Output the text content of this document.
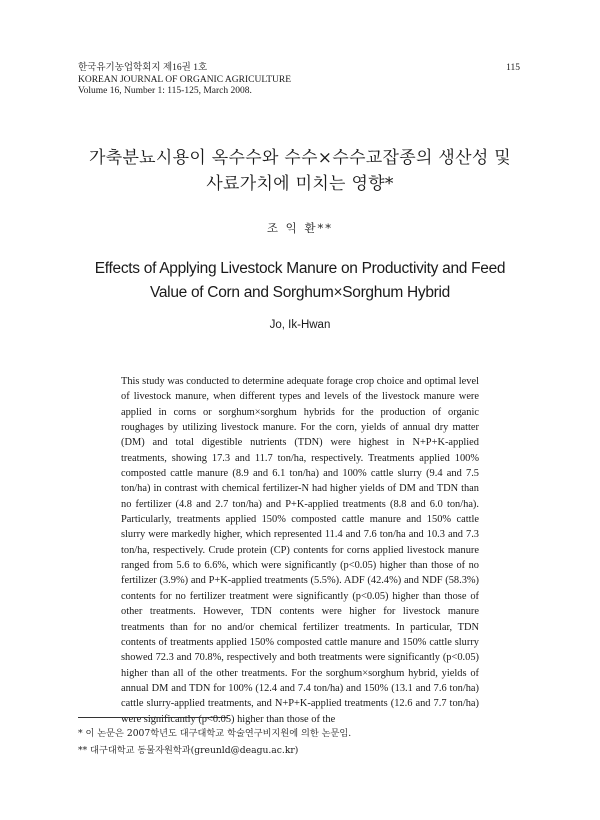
한국유기농업학회지 제16권 1호
KOREAN JOURNAL OF ORGANIC AGRICULTURE
Volume 16, Number 1: 115-125, March 2008.
115
가축분뇨시용이 옥수수와 수수×수수교잡종의 생산성 및
사료가치에 미치는 영향*
조 익 환**
Effects of Applying Livestock Manure on Productivity and Feed
Value of Corn and Sorghum×Sorghum Hybrid
Jo, Ik-Hwan
This study was conducted to determine adequate forage crop choice and optimal level of livestock manure, when different types and levels of the livestock manure were applied in corns or sorghum×sorghum hybrids for the production of organic roughages by utilizing livestock manure. For the corn, yields of annual dry matter (DM) and total digestible nutrients (TDN) were highest in N+P+K-applied treatments, showing 17.3 and 11.7 ton/ha, respectively. Treatments applied 100% composted cattle manure (8.9 and 6.1 ton/ha) and 100% cattle slurry (9.4 and 7.5 ton/ha) in contrast with chemical fertilizer-N had higher yields of DM and TDN than no fertilizer (4.8 and 2.7 ton/ha) and P+K-applied treatments (8.8 and 6.0 ton/ha). Particularly, treatments applied 150% composted cattle manure and 150% cattle slurry were markedly higher, which represented 11.4 and 7.6 ton/ha and 10.3 and 7.3 ton/ha, respectively. Crude protein (CP) contents for corns applied livestock manure ranged from 5.6 to 6.6%, which were significantly (p<0.05) higher than those of no fertilizer (3.9%) and P+K-applied treatments (5.5%). ADF (42.4%) and NDF (58.3%) contents for no fertilizer treatment were significantly (p<0.05) higher than those of other treatments. However, TDN contents were higher for livestock manure treatments than for no and/or chemical fertilizer treatments. In particular, TDN contents of treatments applied 150% composted cattle manure and 150% cattle slurry showed 72.3 and 70.8%, respectively and both treatments were significantly (p<0.05) higher than all of the other treatments. For the sorghum×sorghum hybrid, yields of annual DM and TDN for 100% (12.4 and 7.4 ton/ha) and 150% (13.1 and 7.6 ton/ha) cattle slurry-applied treatments, and N+P+K-applied treatments (12.6 and 7.7 ton/ha) were significantly (p<0.05) higher than those of the
* 이 논문은 2007학년도 대구대학교 학술연구비지원에 의한 논문임.
** 대구대학교 동물자원학과(greunld@deagu.ac.kr)
